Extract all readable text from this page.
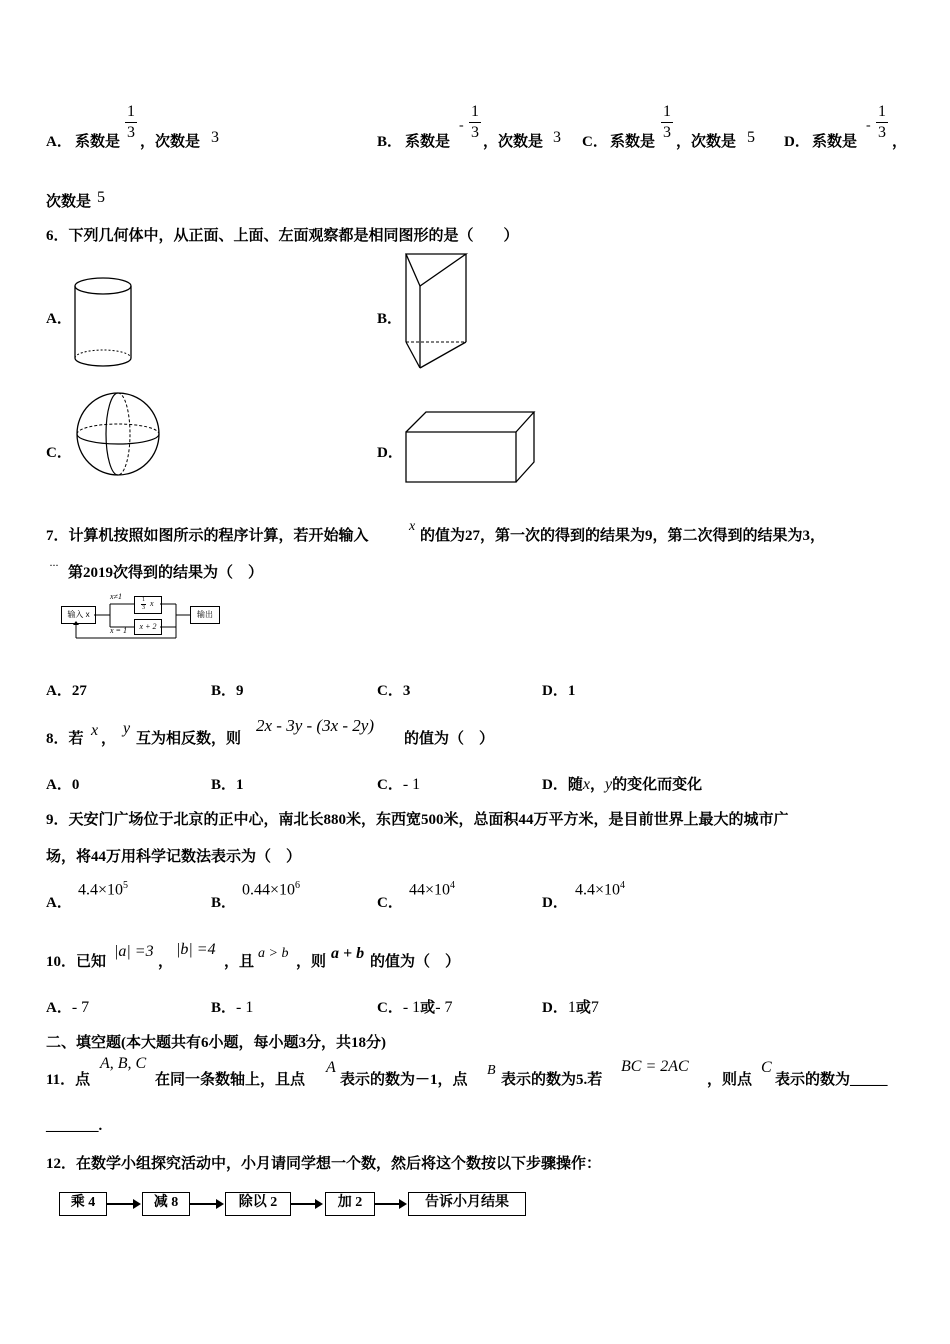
A． 系数是
1
3
，次数是 3	B． 系数是
-
1
3
，次数是 3 C． 系数是
1
3
，次数是 5 D． 系数是
-
1
3
，
次数是 5
6．下列几何体中，从正面、上面、左面观察都是相同图形的是（　　）
A．	B．
C．	D．
7．计算机按照如图所示的程序计算，若开始输入
x
的值为27，第一次的得到的结果为9，第二次得到的结果为3，
··· 第2019次得到的结果为（　）
输入 x
x≠1	1
3 x
x = 1	x + 2
输出
A．27	B．9	C．3	D．1
8．若 x ，
y
互为相反数，则
2x - 3y - (3x - 2y)
的值为（　）
A．0	B．1	C．- 1	D．随x，y的变化而变化
9．天安门广场位于北京的正中心，南北长880米，东西宽500米，总面积44万平方米，是目前世界上最大的城市广
场，将44万用科学记数法表示为（　）
A．
$4.4\times 10^5$
B．
$0.44\times 10^6$
C．
$44\times 10^4$
D．
$4.4\times 10^4$
10．已知
|a| =3
，
|b| =4
，且
a > b
，则 a + b 的值为（　）
A．- 7	B．- 1	C．- 1或- 7	D．1或7
二、填空题(本大题共有6小题，每小题3分，共18分)
11．点
A, B, C
在同一条数轴上，且点
A
表示的数为－1，点
B
表示的数为5.若
BC = 2AC
，则点
C
表示的数为_____
_______.
12．在数学小组探究活动中，小月请同学想一个数，然后将这个数按以下步骤操作：
乘 4	减 8	除以 2	加 2	告诉小月结果
